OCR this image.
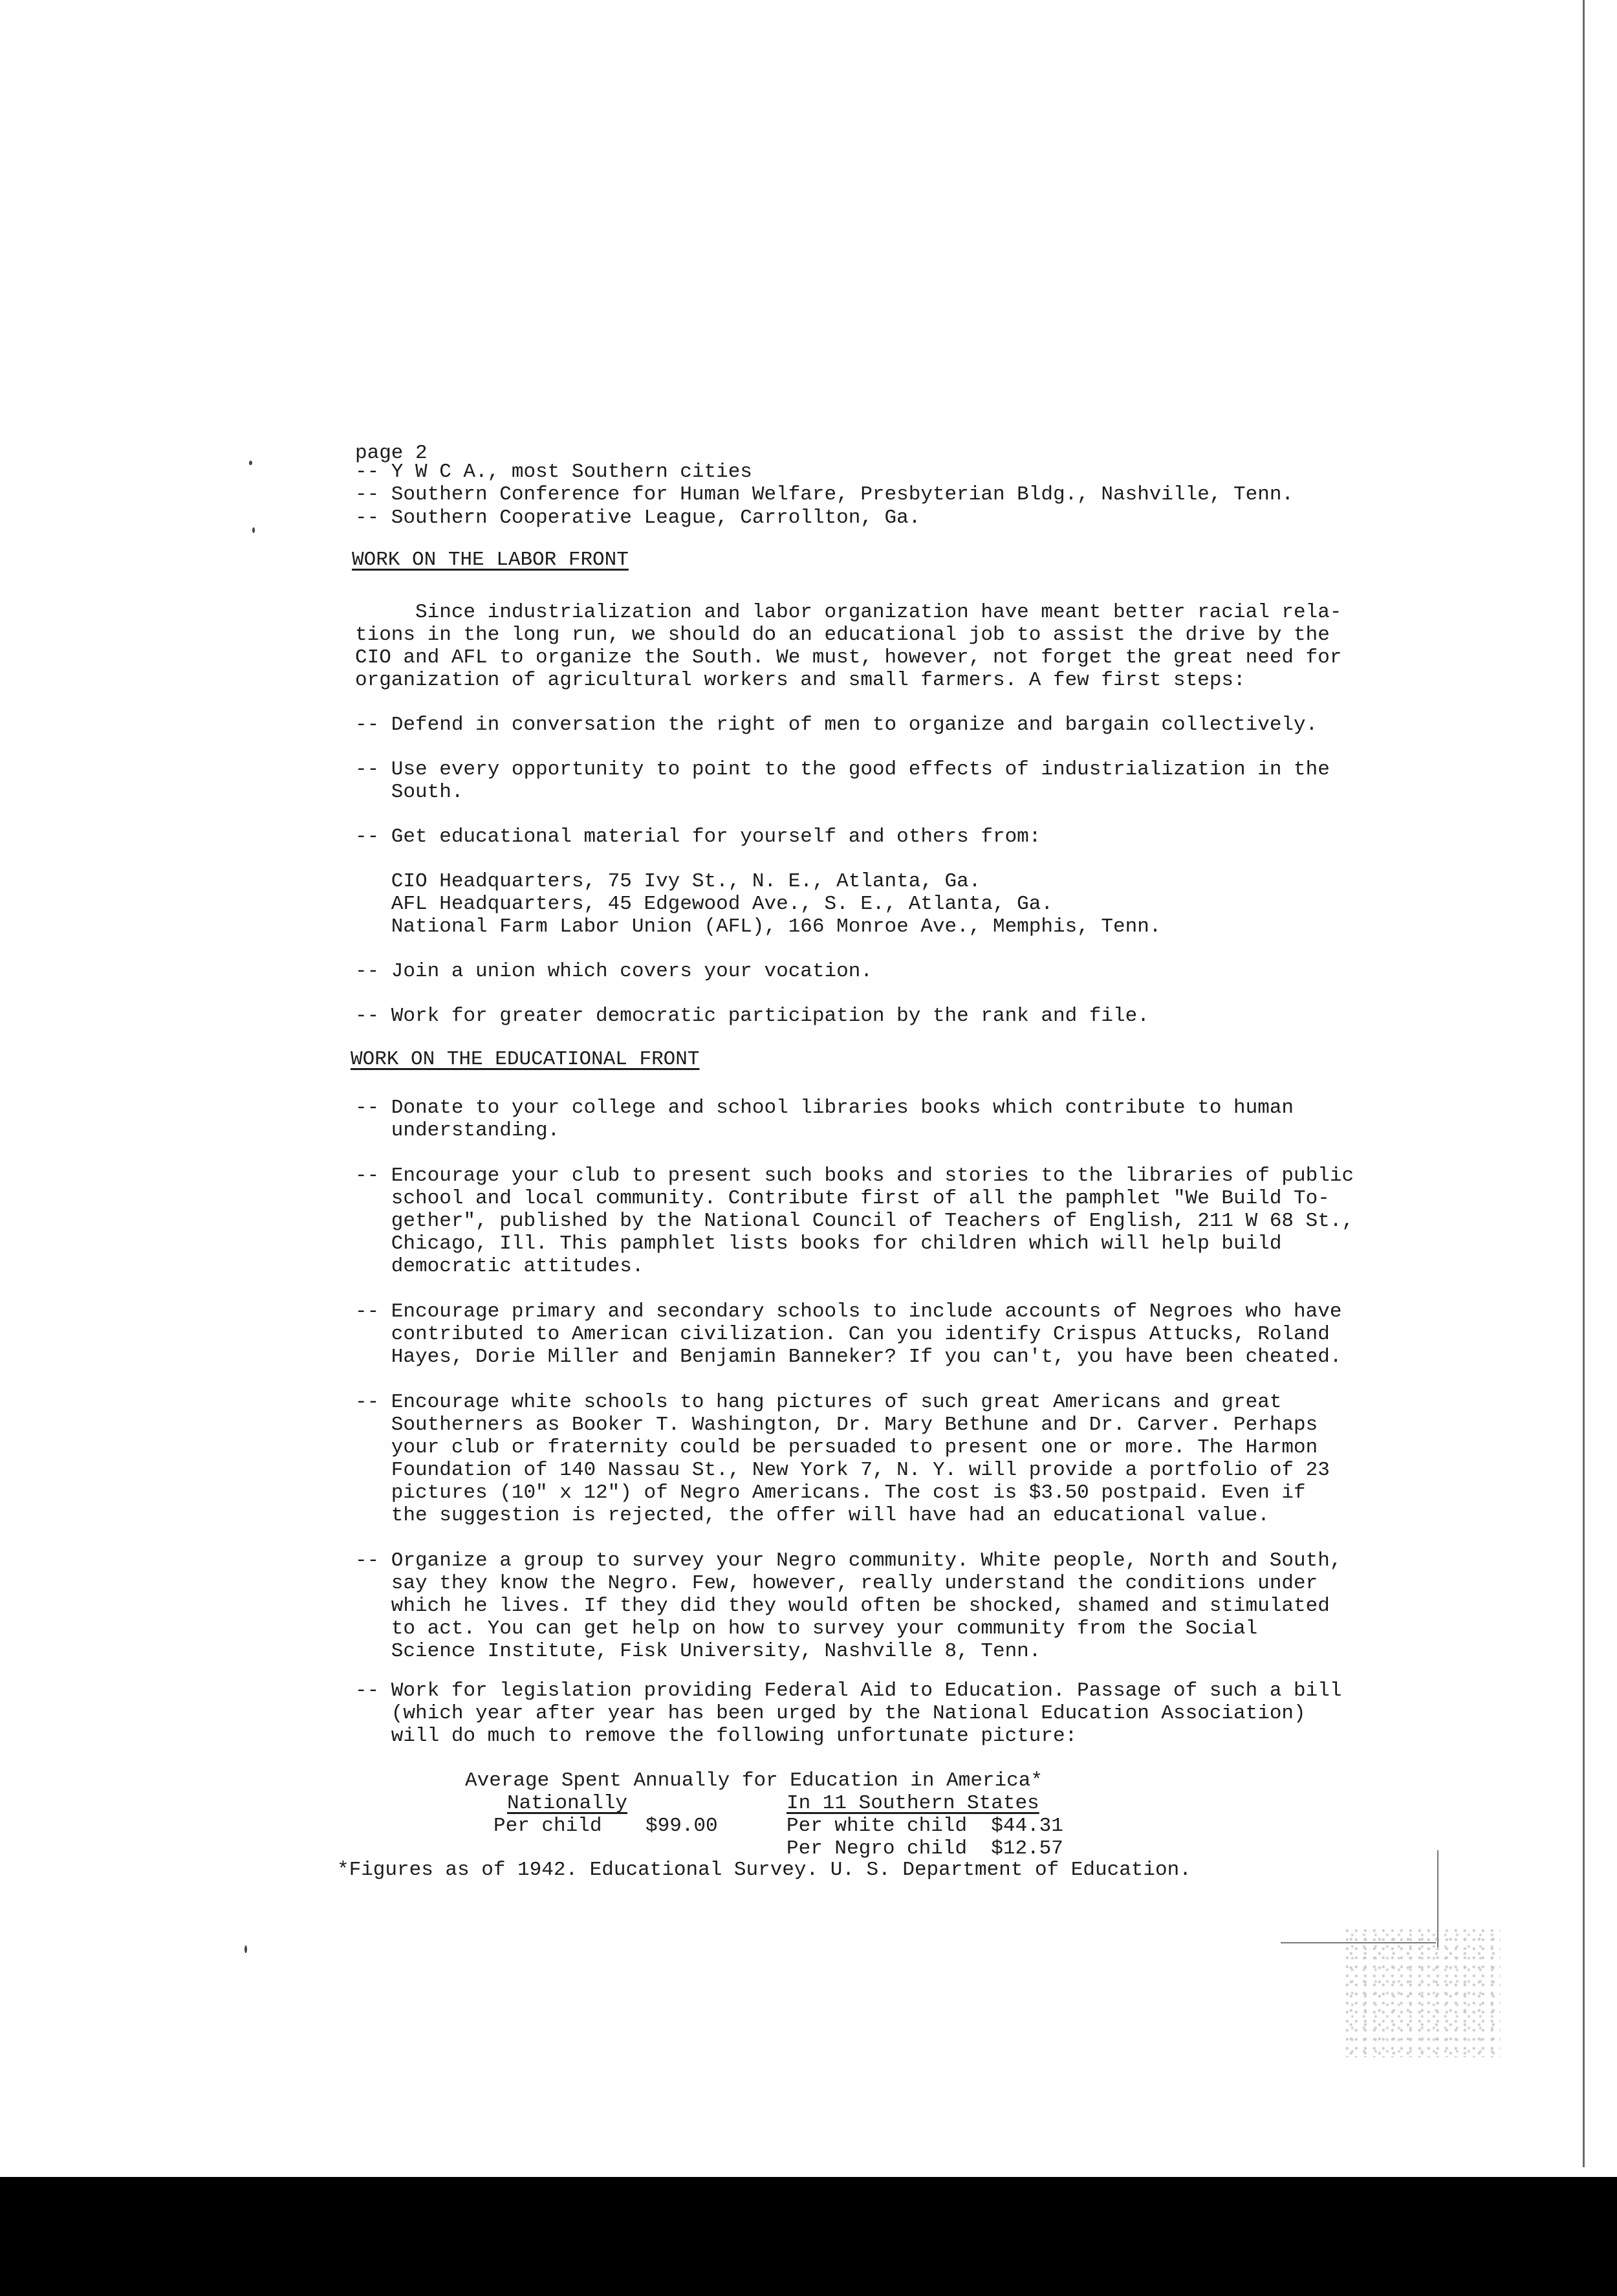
page 2

-- Y W C A., most Southern cities

-- Southern Conference for Human Welfare, Presbyterian Bldg., Nashville, Tenn.

-- Southern Cooperative League, Carrollton, Ga.

WORK ON THE LABOR FRONT

Since industrialization and labor organization have meant better racial rela-

tions in the long run, we should do an educational job to assist the drive by the

CIO and AFL to organize the South. We must, however, not forget the great need for

organization of agricultural workers and small farmers. A few first steps:

-- Defend in conversation the right of men to organize and bargain collectively.

-- Use every opportunity to point to the good effects of industrialization in the

South.

-- Get educational material for yourself and others from:

CIO Headquarters, 75 Ivy St., N. E., Atlanta, Ga.

AFL Headquarters, 45 Edgewood Ave., S. E., Atlanta, Ga.

National Farm Labor Union (AFL), 166 Monroe Ave., Memphis, Tenn.

-- Join a union which covers your vocation.

-- Work for greater democratic participation by the rank and file.

WORK ON THE EDUCATIONAL FRONT

-- Donate to your college and school libraries books which contribute to human

understanding.

-- Encourage your club to present such books and stories to the libraries of public

school and local community. Contribute first of all the pamphlet "We Build To-

gether", published by the National Council of Teachers of English, 211 W 68 St.,

Chicago, Ill. This pamphlet lists books for children which will help build

democratic attitudes.

-- Encourage primary and secondary schools to include accounts of Negroes who have

contributed to American civilization. Can you identify Crispus Attucks, Roland

Hayes, Dorie Miller and Benjamin Banneker? If you can't, you have been cheated.

-- Encourage white schools to hang pictures of such great Americans and great

Southerners as Booker T. Washington, Dr. Mary Bethune and Dr. Carver. Perhaps

your club or fraternity could be persuaded to present one or more. The Harmon

Foundation of 140 Nassau St., New York 7, N. Y. will provide a portfolio of 23

pictures (10" x 12") of Negro Americans. The cost is $3.50 postpaid. Even if

the suggestion is rejected, the offer will have had an educational value.

-- Organize a group to survey your Negro community. White people, North and South,

say they know the Negro. Few, however, really understand the conditions under

which he lives. If they did they would often be shocked, shamed and stimulated

to act. You can get help on how to survey your community from the Social

Science Institute, Fisk University, Nashville 8, Tenn.

-- Work for legislation providing Federal Aid to Education. Passage of such a bill

(which year after year has been urged by the National Education Association)

will do much to remove the following unfortunate picture:

Average Spent Annually for Education in America*

Nationally

	In 11 Southern States

Per child

$99.00

	Per white child  $44.31

Per Negro child  $12.57

*Figures as of 1942. Educational Survey. U. S. Department of Education.
